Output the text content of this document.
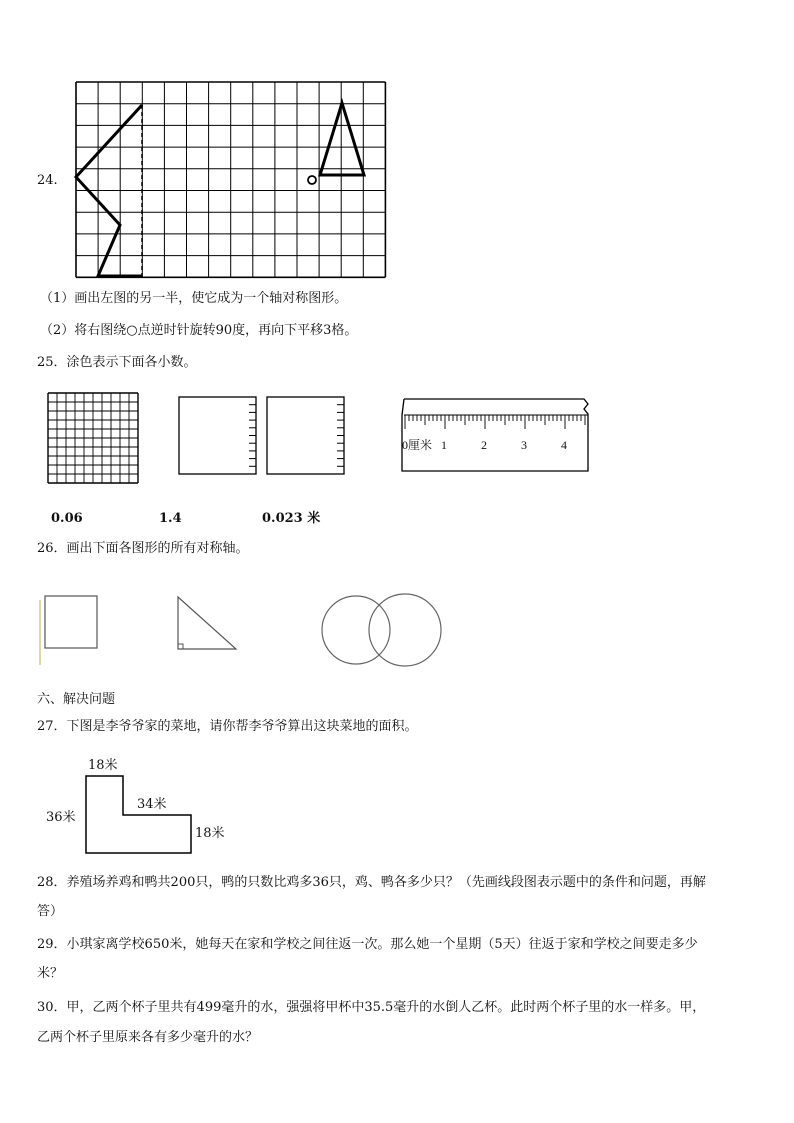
24.
（1）画出左图的另一半，使它成为一个轴对称图形。
（2）将右图绕○点逆时针旋转90度，再向下平移3格。
25．涂色表示下面各小数。
0厘米 1	2	3	4
0.06	1.4	0.023 米
26．画出下面各图形的所有对称轴。
六、解决问题
27．下图是李爷爷家的菜地，请你帮李爷爷算出这块菜地的面积。
18米
36米
34米
18米
28．养殖场养鸡和鸭共200只，鸭的只数比鸡多36只，鸡、鸭各多少只？（先画线段图表示题中的条件和问题，再解
答）
29．小琪家离学校650米，她每天在家和学校之间往返一次。那么她一个星期（5天）往返于家和学校之间要走多少
米？
30．甲，乙两个杯子里共有499毫升的水，强强将甲杯中35.5毫升的水倒人乙杯。此时两个杯子里的水一样多。甲，
乙两个杯子里原来各有多少毫升的水？
